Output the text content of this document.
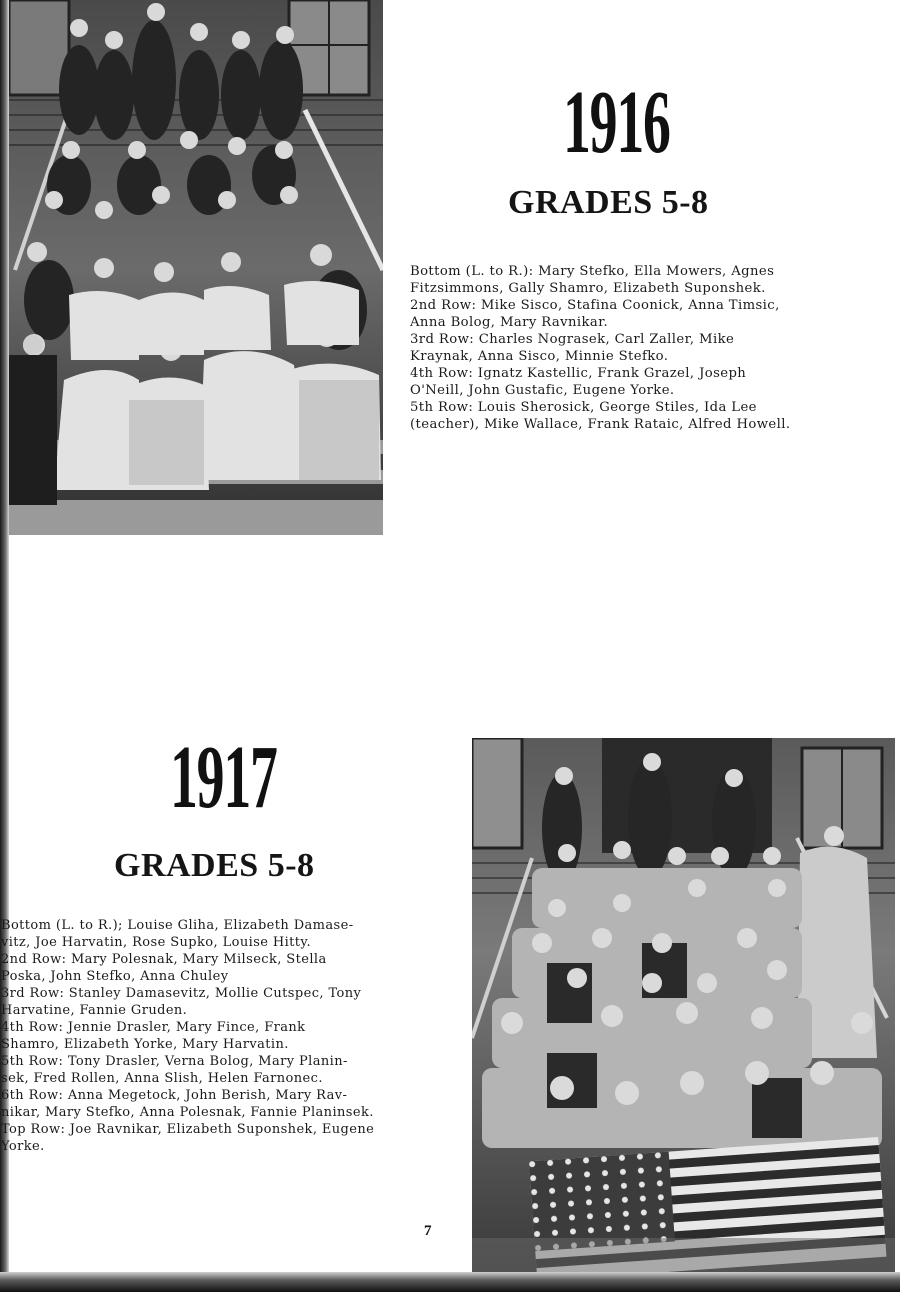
1916
GRADES 5-8
Bottom (L. to R.): Mary Stefko, Ella Mowers, Agnes
Fitzsimmons, Gally Shamro, Elizabeth Suponshek.
2nd Row: Mike Sisco, Stafina Coonick, Anna Timsic,
Anna Bolog, Mary Ravnikar.
3rd Row: Charles Nograsek, Carl Zaller, Mike
Kraynak, Anna Sisco, Minnie Stefko.
4th Row: Ignatz Kastellic, Frank Grazel, Joseph
O'Neill, John Gustafic, Eugene Yorke.
5th Row: Louis Sherosick, George Stiles, Ida Lee
(teacher), Mike Wallace, Frank Rataic, Alfred Howell.
1917
GRADES 5-8
Bottom (L. to R.); Louise Gliha, Elizabeth Damase-
vitz, Joe Harvatin, Rose Supko, Louise Hitty.
2nd Row: Mary Polesnak, Mary Milseck, Stella
Poska, John Stefko, Anna Chuley
3rd Row: Stanley Damasevitz, Mollie Cutspec, Tony
Harvatine, Fannie Gruden.
4th Row: Jennie Drasler, Mary Fince, Frank
Shamro, Elizabeth Yorke, Mary Harvatin.
5th Row: Tony Drasler, Verna Bolog, Mary Planin-
sek, Fred Rollen, Anna Slish, Helen Farnonec.
6th Row: Anna Megetock, John Berish, Mary Rav-
nikar, Mary Stefko, Anna Polesnak, Fannie Planinsek.
Top Row: Joe Ravnikar, Elizabeth Suponshek, Eugene
Yorke.
7
